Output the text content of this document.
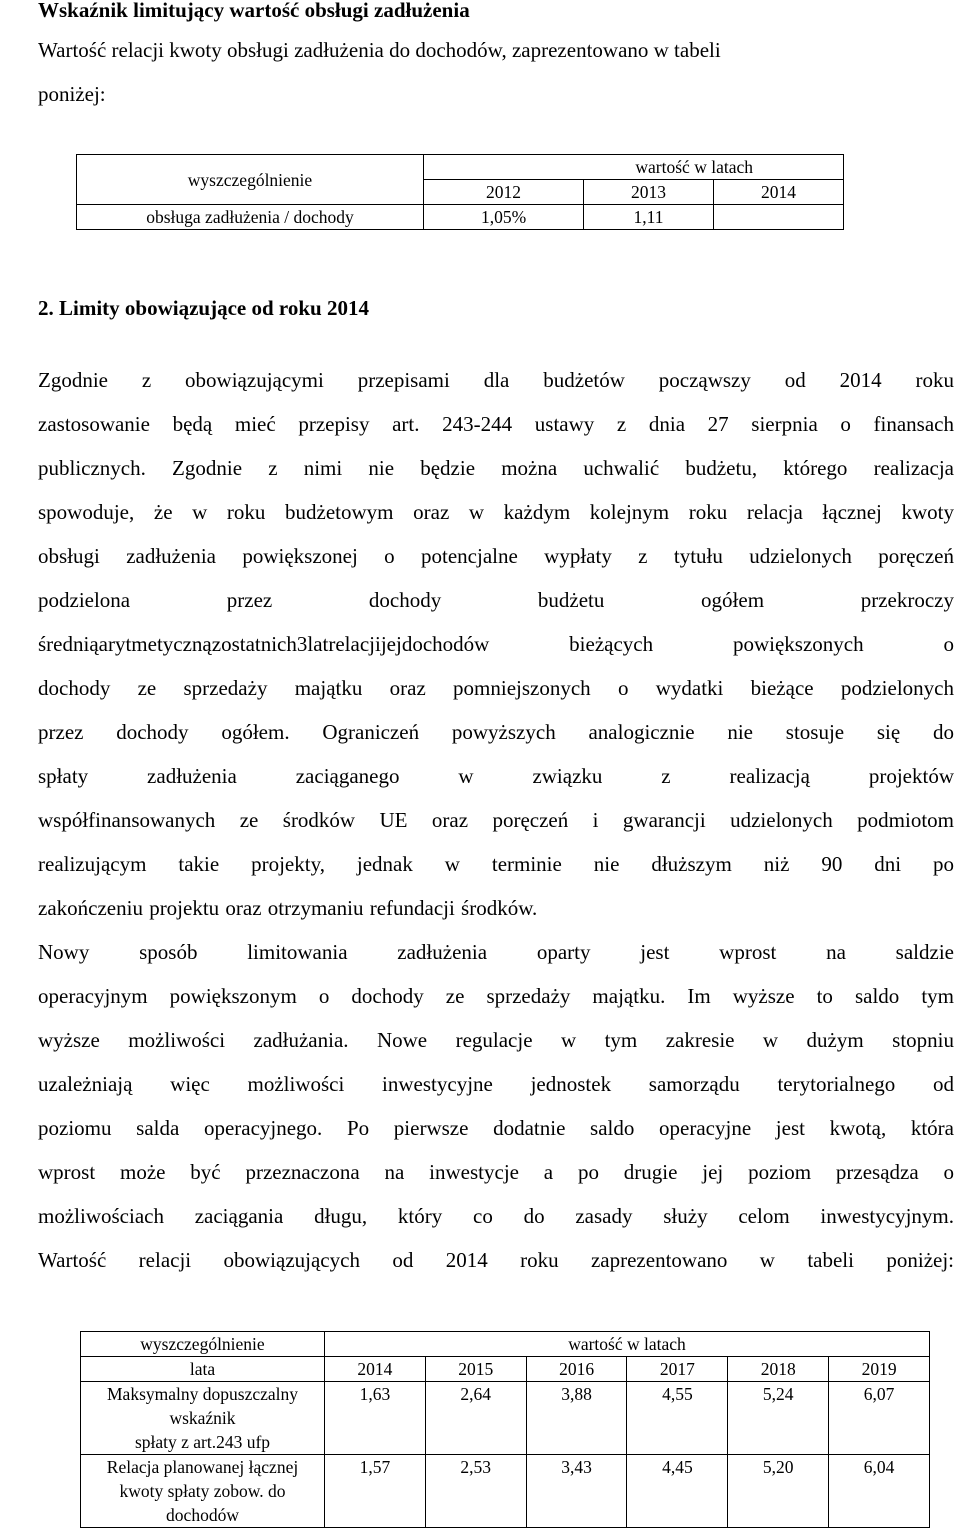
Wskaźnik limitujący wartość obsługi zadłużenia
Wartość relacji kwoty obsługi zadłużenia do dochodów, zaprezentowano w tabeli
poniżej:
wyszczególnienie	wartość w latach		
	2012	2013	2014
obsługa zadłużenia / dochody	1,05%	1,11	
2. Limity obowiązujące od roku 2014
Zgodnie z obowiązującymi przepisami dla budżetów począwszy od 2014 roku
zastosowanie będą mieć przepisy art. 243-244 ustawy z dnia 27 sierpnia o finansach
publicznych. Zgodnie z nimi nie będzie można uchwalić budżetu, którego realizacja
spowoduje, że w roku budżetowym oraz w każdym kolejnym roku relacja łącznej kwoty
obsługi zadłużenia powiększonej o potencjalne wypłaty z tytułu udzielonych poręczeń
podzielona przez dochody budżetu ogółem przekroczy
średniąarytmetycznązostatnich3latrelacjijejdochodów bieżących powiększonych o
dochody ze sprzedaży majątku oraz pomniejszonych o wydatki bieżące podzielonych
przez dochody ogółem. Ograniczeń powyższych analogicznie nie stosuje się do
spłaty zadłużenia zaciąganego w związku z realizacją projektów
współfinansowanych ze środków UE oraz poręczeń i gwarancji udzielonych podmiotom
realizującym takie projekty, jednak w terminie nie dłuższym niż 90 dni po
zakończeniu projektu oraz otrzymaniu refundacji środków.
Nowy sposób limitowania zadłużenia oparty jest wprost na saldzie
operacyjnym powiększonym o dochody ze sprzedaży majątku. Im wyższe to saldo tym
wyższe możliwości zadłużania. Nowe regulacje w tym zakresie w dużym stopniu
uzależniają więc możliwości inwestycyjne jednostek samorządu terytorialnego od
poziomu salda operacyjnego. Po pierwsze dodatnie saldo operacyjne jest kwotą, która
wprost może być przeznaczona na inwestycje a po drugie jej poziom przesądza o
możliwościach zaciągania długu, który co do zasady służy celom inwestycyjnym.
Wartość relacji obowiązujących od 2014 roku zaprezentowano w tabeli poniżej:
wyszczególnienie	wartość w latach					
lata	2014	2015	2016	2017	2018	2019

Maksymalny dopuszczalny
wskaźnik
spłaty z art.243 ufp	1,63	2,64	3,88	4,55	5,24	6,07

Relacja planowanej łącznej
kwoty spłaty zobow. do
dochodów	1,57	2,53	3,43	4,45	5,20	6,04
